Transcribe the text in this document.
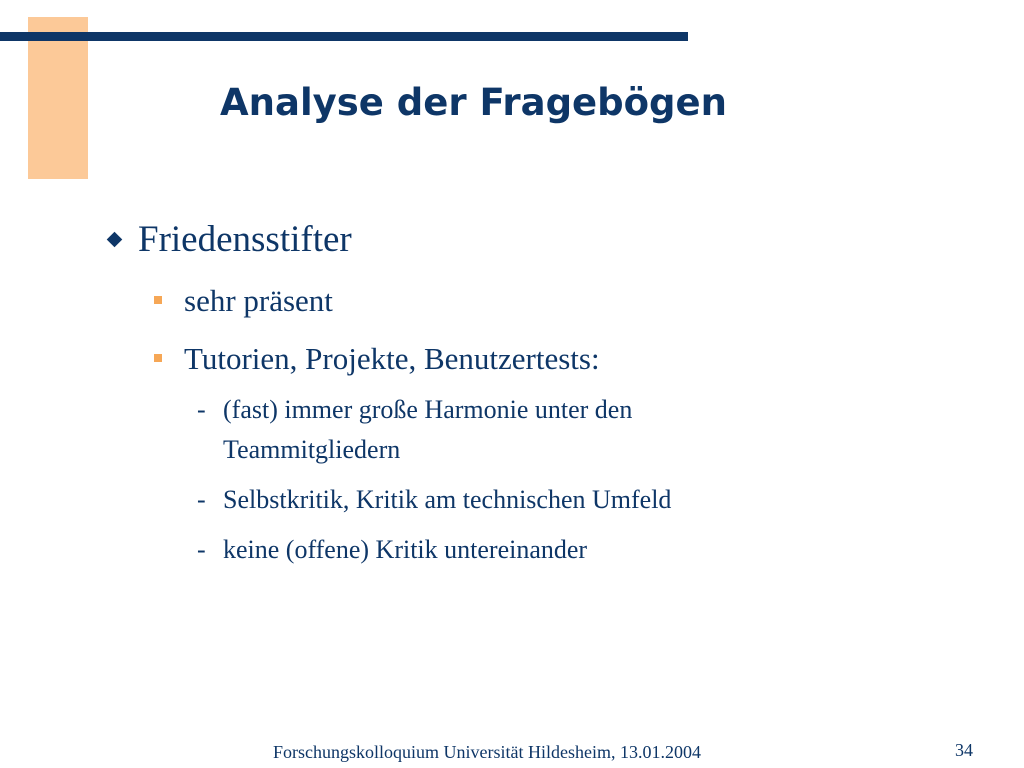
Analyse der Fragebögen
Friedensstifter
sehr präsent
Tutorien, Projekte, Benutzertests:
- (fast) immer große Harmonie unter den Teammitgliedern
- Selbstkritik, Kritik am technischen Umfeld
- keine (offene) Kritik untereinander
Forschungskolloquium Universität Hildesheim, 13.01.2004	34
